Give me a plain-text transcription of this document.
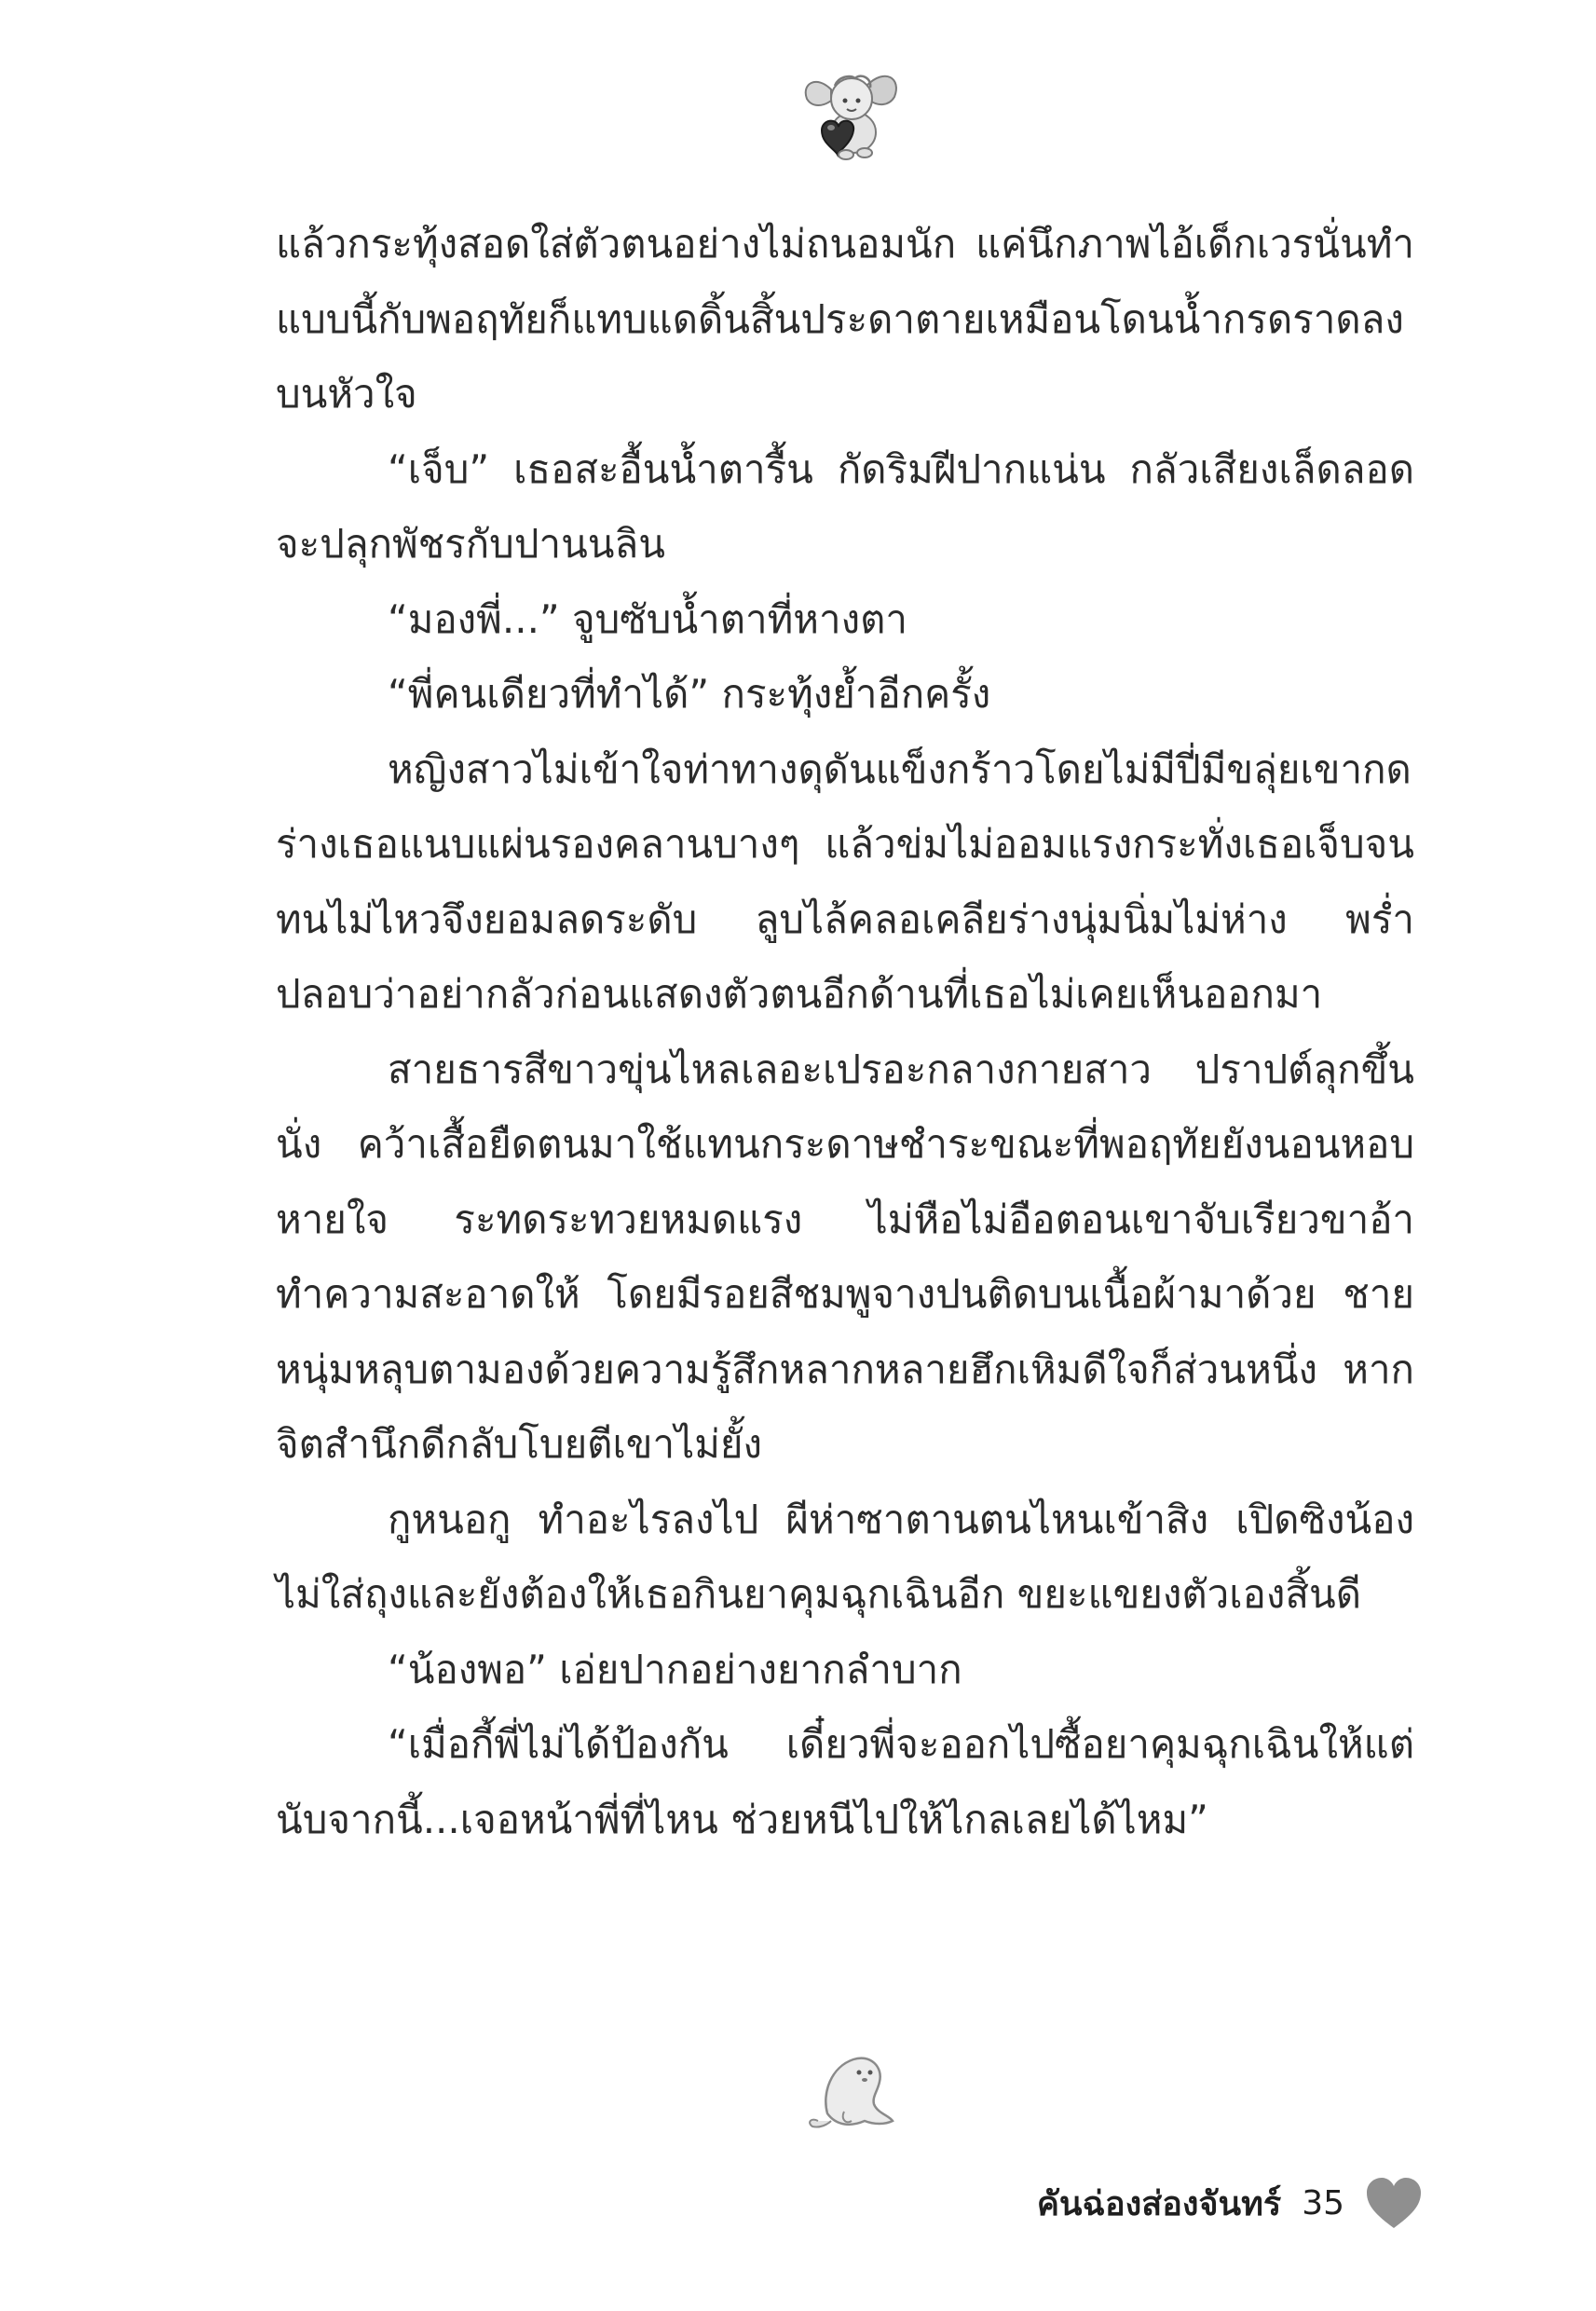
แล้วกระทุ้งสอดใส่ตัวตนอย่างไม่ถนอมนัก แค่นึกภาพไอ้เด็กเวรนั่นทำแบบนี้กับพอฤทัยก็แทบแดดิ้นสิ้นประดาตายเหมือนโดนน้ำกรดราดลงบนหัวใจ

“เจ็บ” เธอสะอื้นน้ำตารื้น กัดริมฝีปากแน่น กลัวเสียงเล็ดลอดจะปลุกพัชรกับปานนลิน

“มองพี่...” จูบซับน้ำตาที่หางตา

“พี่คนเดียวที่ทำได้” กระทุ้งย้ำอีกครั้ง

หญิงสาวไม่เข้าใจท่าทางดุดันแข็งกร้าวโดยไม่มีปี่มีขลุ่ยเขากดร่างเธอแนบแผ่นรองคลานบางๆ แล้วข่มไม่ออมแรงกระทั่งเธอเจ็บจนทนไม่ไหวจึงยอมลดระดับ ลูบไล้คลอเคลียร่างนุ่มนิ่มไม่ห่าง พร่ำปลอบว่าอย่ากลัวก่อนแสดงตัวตนอีกด้านที่เธอไม่เคยเห็นออกมา

สายธารสีขาวขุ่นไหลเลอะเปรอะกลางกายสาว ปราปต์ลุกขึ้นนั่ง คว้าเสื้อยืดตนมาใช้แทนกระดาษชำระขณะที่พอฤทัยยังนอนหอบหายใจ ระทดระทวยหมดแรง ไม่หือไม่อือตอนเขาจับเรียวขาอ้าทำความสะอาดให้ โดยมีรอยสีชมพูจางปนติดบนเนื้อผ้ามาด้วย ชายหนุ่มหลุบตามองด้วยความรู้สึกหลากหลายฮึกเหิมดีใจก็ส่วนหนึ่ง หากจิตสำนึกดีกลับโบยตีเขาไม่ยั้ง

กูหนอกู ทำอะไรลงไป ผีห่าซาตานตนไหนเข้าสิง เปิดซิงน้องไม่ใส่ถุงและยังต้องให้เธอกินยาคุมฉุกเฉินอีก ขยะแขยงตัวเองสิ้นดี

“น้องพอ” เอ่ยปากอย่างยากลำบาก

“เมื่อกี้พี่ไม่ได้ป้องกัน เดี๋ยวพี่จะออกไปซื้อยาคุมฉุกเฉินให้แต่นับจากนี้...เจอหน้าพี่ที่ไหน ช่วยหนีไปให้ไกลเลยได้ไหม”

คันฉ่องส่องจันทร์ 35
